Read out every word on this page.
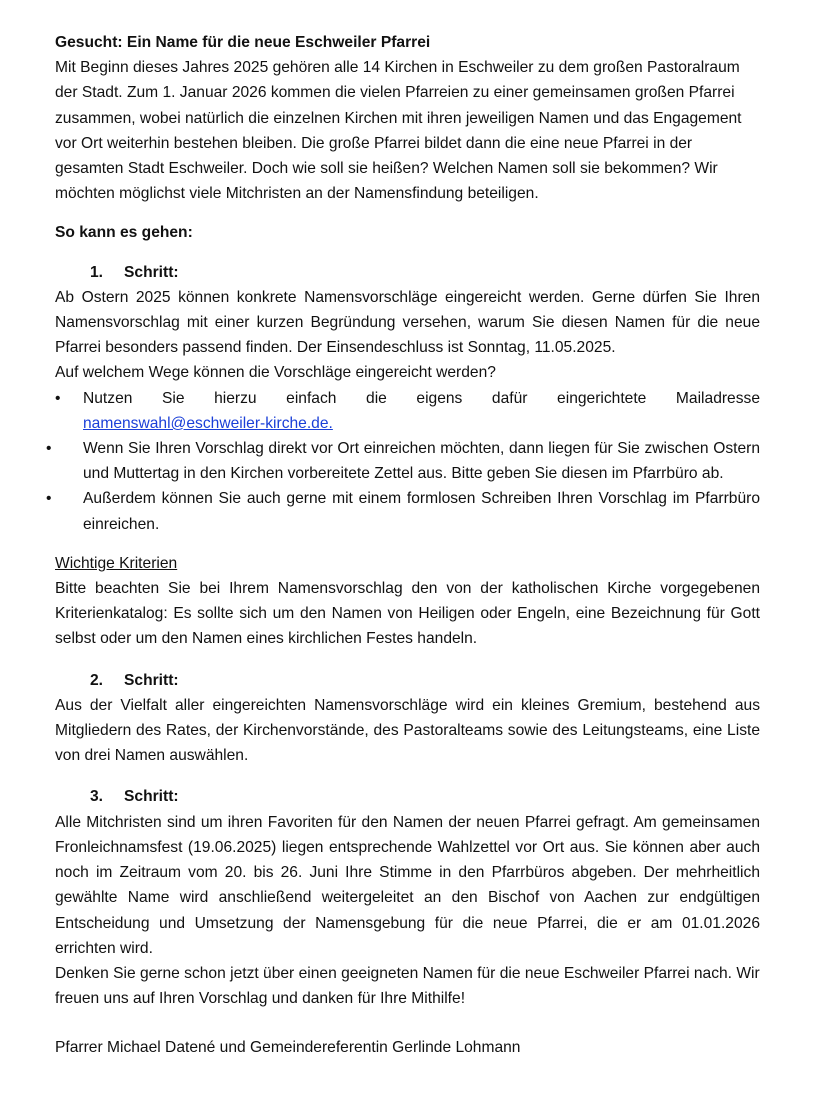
Gesucht: Ein Name für die neue Eschweiler Pfarrei

Mit Beginn dieses Jahres 2025 gehören alle 14 Kirchen in Eschweiler zu dem großen Pastoralraum der Stadt. Zum 1. Januar 2026 kommen die vielen Pfarreien zu einer gemeinsamen großen Pfarrei zusammen, wobei natürlich die einzelnen Kirchen mit ihren jeweiligen Namen und das Engagement vor Ort weiterhin bestehen bleiben. Die große Pfarrei bildet dann die eine neue Pfarrei in der gesamten Stadt Eschweiler. Doch wie soll sie heißen? Welchen Namen soll sie bekommen? Wir möchten möglichst viele Mitchristen an der Namensfindung beteiligen.

So kann es gehen:

1. Schritt:

Ab Ostern 2025 können konkrete Namensvorschläge eingereicht werden. Gerne dürfen Sie Ihren Namensvorschlag mit einer kurzen Begründung versehen, warum Sie diesen Namen für die neue Pfarrei besonders passend finden. Der Einsendeschluss ist Sonntag, 11.05.2025.

Auf welchem Wege können die Vorschläge eingereicht werden?

• Nutzen Sie hierzu einfach die eigens dafür eingerichtete Mailadresse
namenswahl@eschweiler-kirche.de.
• Wenn Sie Ihren Vorschlag direkt vor Ort einreichen möchten, dann liegen für Sie zwischen Ostern und Muttertag in den Kirchen vorbereitete Zettel aus. Bitte geben Sie diesen im Pfarrbüro ab.
• Außerdem können Sie auch gerne mit einem formlosen Schreiben Ihren Vorschlag im Pfarrbüro einreichen.

Wichtige Kriterien

Bitte beachten Sie bei Ihrem Namensvorschlag den von der katholischen Kirche vorgegebenen Kriterienkatalog: Es sollte sich um den Namen von Heiligen oder Engeln, eine Bezeichnung für Gott selbst oder um den Namen eines kirchlichen Festes handeln.

2. Schritt:

Aus der Vielfalt aller eingereichten Namensvorschläge wird ein kleines Gremium, bestehend aus Mitgliedern des Rates, der Kirchenvorstände, des Pastoralteams sowie des Leitungsteams, eine Liste von drei Namen auswählen.

3. Schritt:

Alle Mitchristen sind um ihren Favoriten für den Namen der neuen Pfarrei gefragt. Am gemeinsamen Fronleichnamsfest (19.06.2025) liegen entsprechende Wahlzettel vor Ort aus. Sie können aber auch noch im Zeitraum vom 20. bis 26. Juni Ihre Stimme in den Pfarrbüros abgeben. Der mehrheitlich gewählte Name wird anschließend weitergeleitet an den Bischof von Aachen zur endgültigen Entscheidung und Umsetzung der Namensgebung für die neue Pfarrei, die er am 01.01.2026 errichten wird.

Denken Sie gerne schon jetzt über einen geeigneten Namen für die neue Eschweiler Pfarrei nach. Wir freuen uns auf Ihren Vorschlag und danken für Ihre Mithilfe!

Pfarrer Michael Datené und Gemeindereferentin Gerlinde Lohmann
